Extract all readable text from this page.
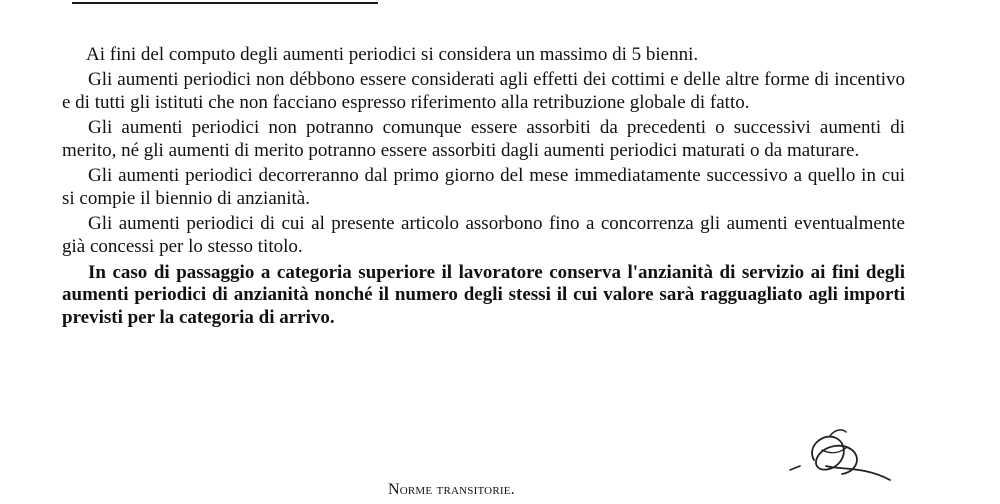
Ai fini del computo degli aumenti periodici si considera un massimo di 5 bienni.

Gli aumenti periodici non débbono essere considerati agli effetti dei cottimi e delle altre forme di incentivo e di tutti gli istituti che non facciano espresso riferimento alla retribuzione globale di fatto.

Gli aumenti periodici non potranno comunque essere assorbiti da precedenti o successivi aumenti di merito, né gli aumenti di merito potranno essere assorbiti dagli aumenti periodici maturati o da maturare.

Gli aumenti periodici decorreranno dal primo giorno del mese immediatamente successivo a quello in cui si compie il biennio di anzianità.

Gli aumenti periodici di cui al presente articolo assorbono fino a concorrenza gli aumenti eventualmente già concessi per lo stesso titolo.

In caso di passaggio a categoria superiore il lavoratore conserva l'anzianità di servizio ai fini degli aumenti periodici di anzianità nonché il numero degli stessi il cui valore sarà ragguagliato agli importi previsti per la categoria di arrivo.

Norme transitorie.
